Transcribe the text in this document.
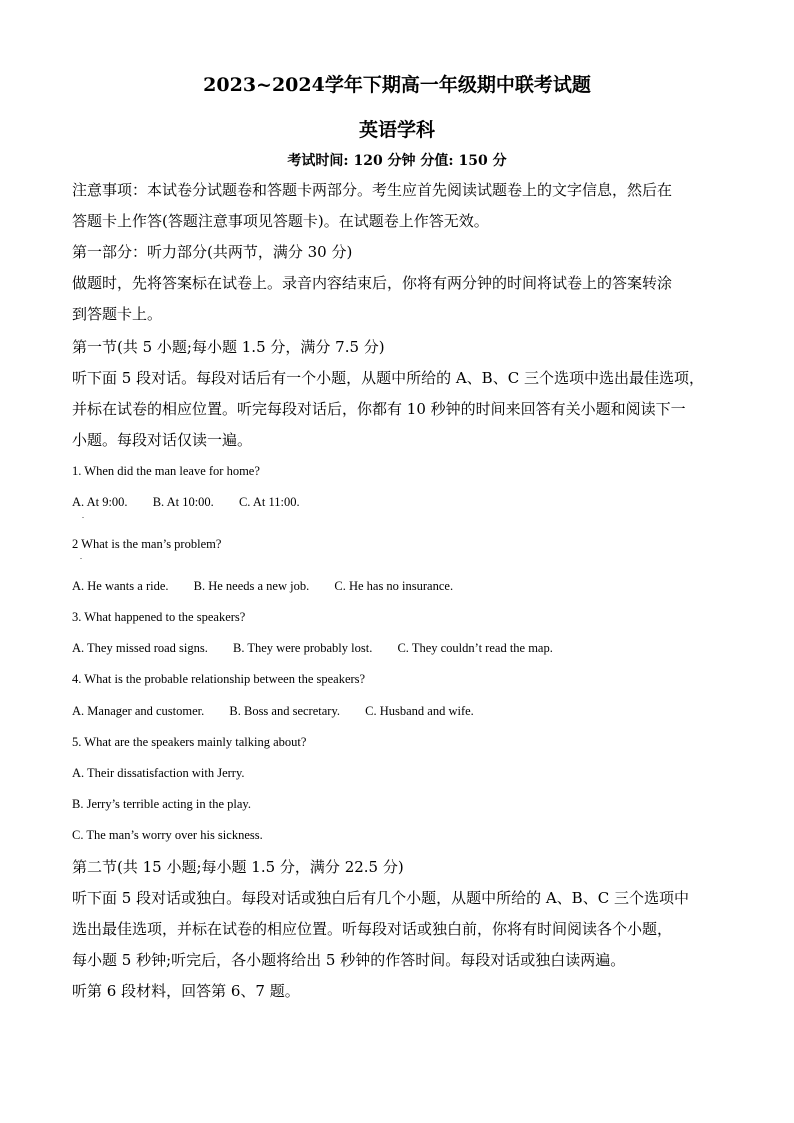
2023~2024学年下期高一年级期中联考试题
英语学科
考试时间: 120 分钟 分值: 150 分
注意事项：本试卷分试题卷和答题卡两部分。考生应首先阅读试题卷上的文字信息，然后在
答题卡上作答(答题注意事项见答题卡)。在试题卷上作答无效。
第一部分：听力部分(共两节，满分 30 分)
做题时，先将答案标在试卷上。录音内容结束后，你将有两分钟的时间将试卷上的答案转涂
到答题卡上。
第一节(共 5 小题;每小题 1.5 分，满分 7.5 分)
听下面 5 段对话。每段对话后有一个小题，从题中所给的 A、B、C 三个选项中选出最佳选项，
并标在试卷的相应位置。听完每段对话后，你都有 10 秒钟的时间来回答有关小题和阅读下一
小题。每段对话仅读一遍。
1. When did the man leave for home?
A. At 9:00. B. At 10:00. C. At 11:00.
.
2 What is the man’s problem?
.
A. He wants a ride. B. He needs a new job. C. He has no insurance.
3. What happened to the speakers?
A. They missed road signs. B. They were probably lost. C. They couldn’t read the map.
4. What is the probable relationship between the speakers?
A. Manager and customer. B. Boss and secretary. C. Husband and wife.
5. What are the speakers mainly talking about?
A. Their dissatisfaction with Jerry.
B. Jerry’s terrible acting in the play.
C. The man’s worry over his sickness.
第二节(共 15 小题;每小题 1.5 分，满分 22.5 分)
听下面 5 段对话或独白。每段对话或独白后有几个小题，从题中所给的 A、B、C 三个选项中
选出最佳选项，并标在试卷的相应位置。听每段对话或独白前，你将有时间阅读各个小题，
每小题 5 秒钟;听完后，各小题将给出 5 秒钟的作答时间。每段对话或独白读两遍。
听第 6 段材料，回答第 6、7 题。
